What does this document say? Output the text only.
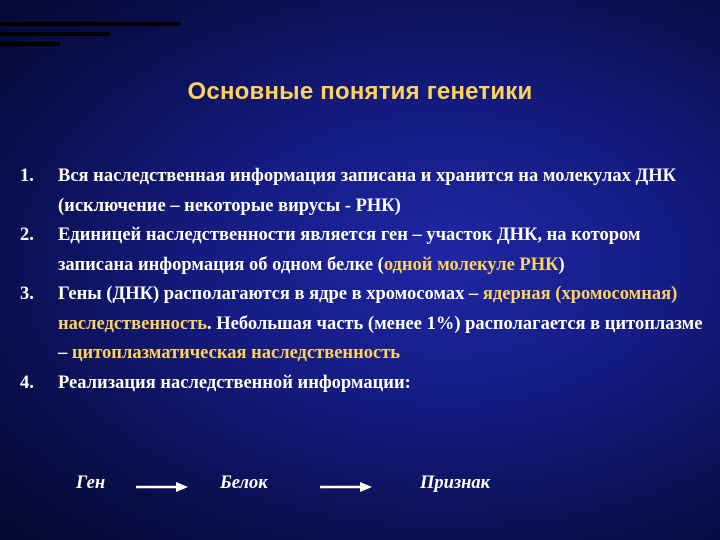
Основные понятия генетики
1. Вся наследственная информация записана и хранится на молекулах ДНК (исключение – некоторые вирусы - РНК)
2. Единицей наследственности является ген – участок ДНК, на котором записана информация об одном белке (одной молекуле РНК)
3. Гены (ДНК) располагаются в ядре в хромосомах – ядерная (хромосомная) наследственность. Небольшая часть (менее 1%) располагается в цитоплазме – цитоплазматическая наследственность
4. Реализация наследственной информации:
Ген	Белок	Признак
